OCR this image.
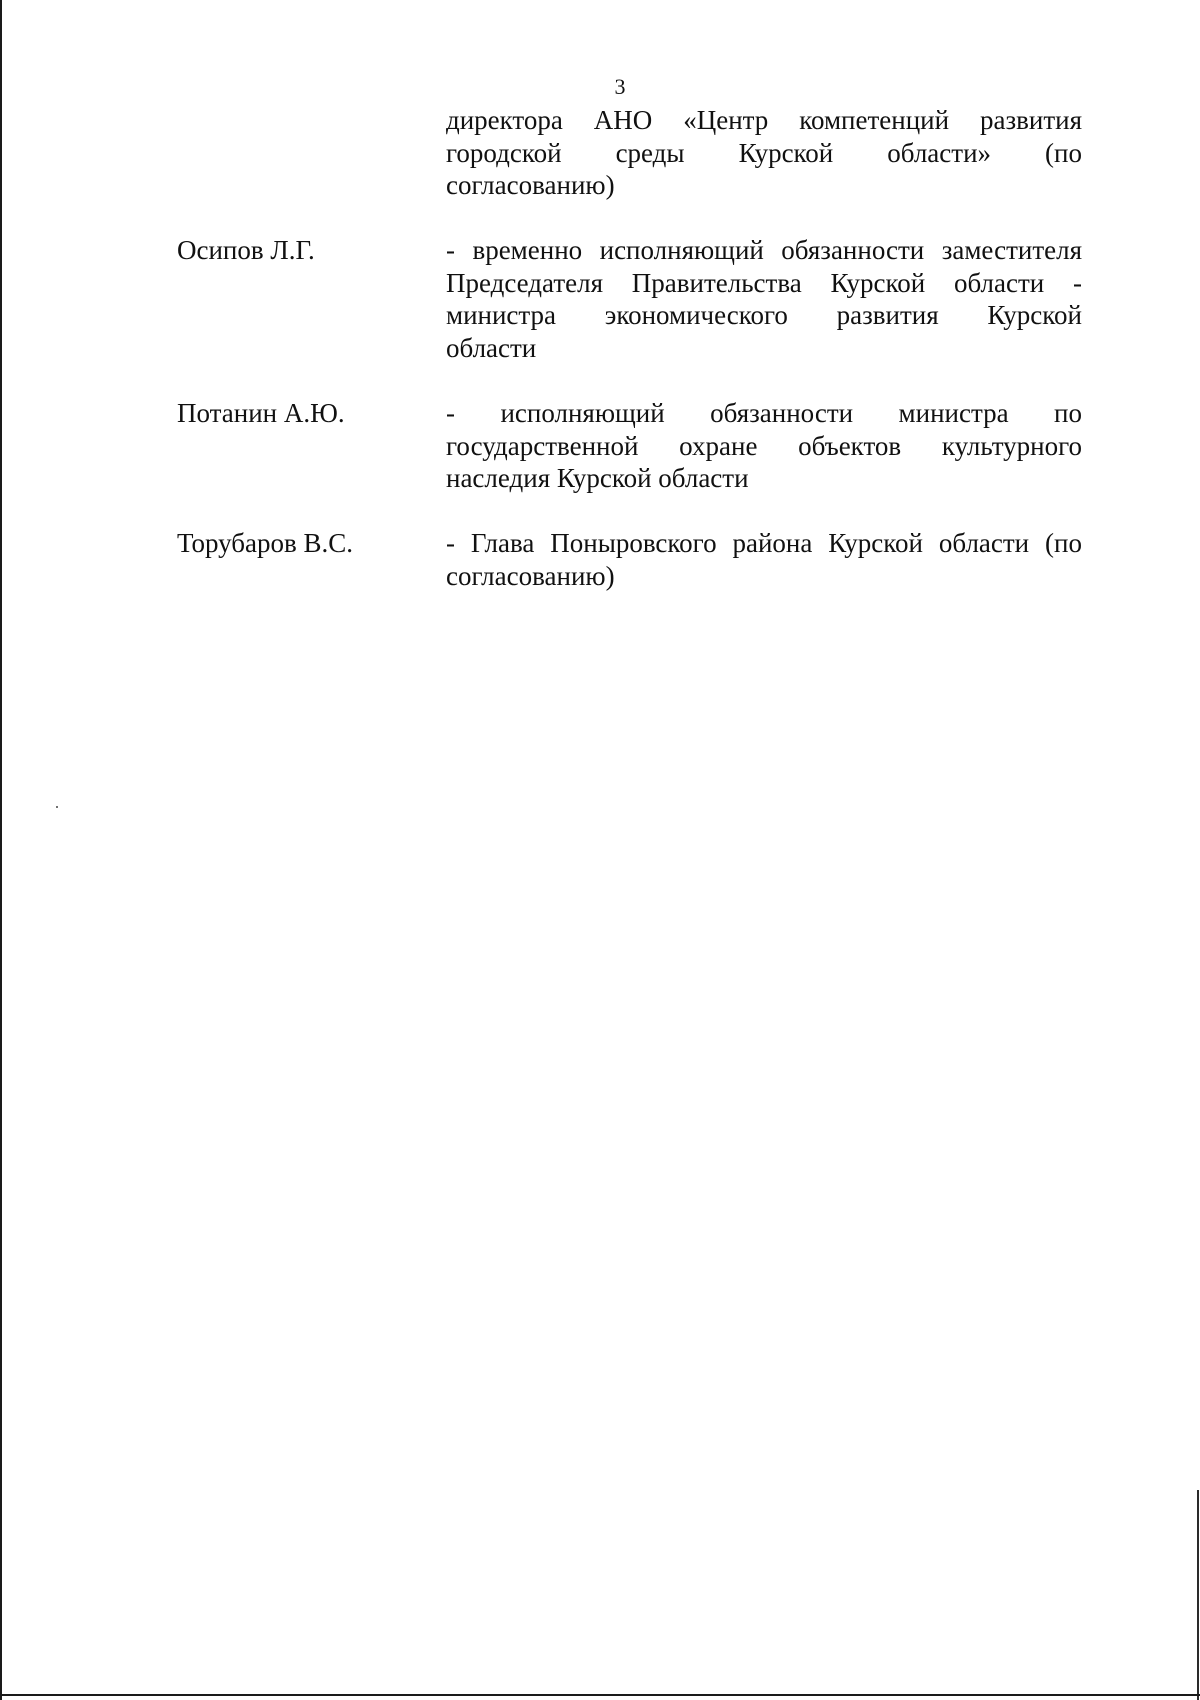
3
директора АНО «Центр компетенций развития
городской среды Курской области» (по
согласованию)
Осипов Л.Г.	- временно исполняющий обязанности заместителя
Председателя Правительства Курской области -
министра экономического развития Курской
области
Потанин А.Ю.	- исполняющий обязанности министра по
государственной охране объектов культурного
наследия Курской области
Торубаров В.С.	- Глава Поныровского района Курской области (по
согласованию)
